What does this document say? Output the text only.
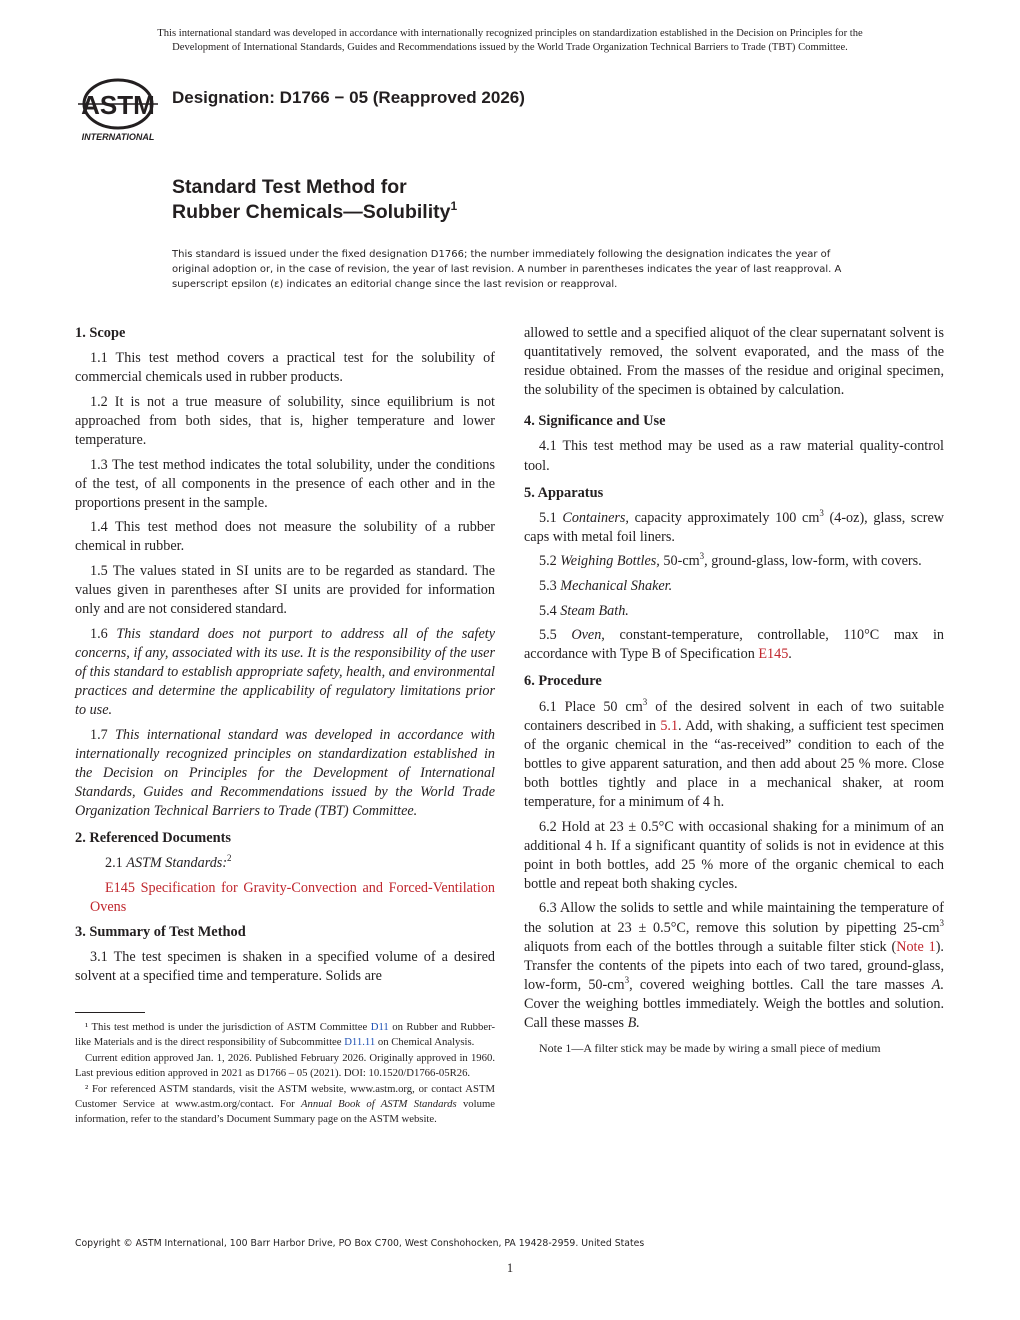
This international standard was developed in accordance with internationally recognized principles on standardization established in the Decision on Principles for the
Development of International Standards, Guides and Recommendations issued by the World Trade Organization Technical Barriers to Trade (TBT) Committee.
ASTM
INTERNATIONAL
Designation: D1766 − 05 (Reapproved 2026)
Standard Test Method for
Rubber Chemicals—Solubility$^1$
This standard is issued under the fixed designation D1766; the number immediately following the designation indicates the year of original adoption or, in the case of revision, the year of last revision. A number in parentheses indicates the year of last reapproval. A superscript epsilon (ε) indicates an editorial change since the last revision or reapproval.
1. Scope

1.1 This test method covers a practical test for the solubility of commercial chemicals used in rubber products.

1.2 It is not a true measure of solubility, since equilibrium is not approached from both sides, that is, higher temperature and lower temperature.

1.3 The test method indicates the total solubility, under the conditions of the test, of all components in the presence of each other and in the proportions present in the sample.

1.4 This test method does not measure the solubility of a rubber chemical in rubber.

1.5 The values stated in SI units are to be regarded as standard. The values given in parentheses after SI units are provided for information only and are not considered standard.

1.6 This standard does not purport to address all of the safety concerns, if any, associated with its use. It is the responsibility of the user of this standard to establish appropriate safety, health, and environmental practices and determine the applicability of regulatory limitations prior to use.

1.7 This international standard was developed in accordance with internationally recognized principles on standardization established in the Decision on Principles for the Development of International Standards, Guides and Recommendations issued by the World Trade Organization Technical Barriers to Trade (TBT) Committee.

2. Referenced Documents

2.1 ASTM Standards:$^2$

E145 Specification for Gravity-Convection and Forced-Ventilation Ovens

3. Summary of Test Method

3.1 The test specimen is shaken in a specified volume of a desired solvent at a specified time and temperature. Solids are

¹ This test method is under the jurisdiction of ASTM Committee D11 on Rubber and Rubber-like Materials and is the direct responsibility of Subcommittee D11.11 on Chemical Analysis.

Current edition approved Jan. 1, 2026. Published February 2026. Originally approved in 1960. Last previous edition approved in 2021 as D1766 – 05 (2021). DOI: 10.1520/D1766-05R26.

² For referenced ASTM standards, visit the ASTM website, www.astm.org, or contact ASTM Customer Service at www.astm.org/contact. For Annual Book of ASTM Standards volume information, refer to the standard’s Document Summary page on the ASTM website.

allowed to settle and a specified aliquot of the clear supernatant solvent is quantitatively removed, the solvent evaporated, and the mass of the residue obtained. From the masses of the residue and original specimen, the solubility of the specimen is obtained by calculation.

4. Significance and Use

4.1 This test method may be used as a raw material quality-control tool.

5. Apparatus

5.1 Containers, capacity approximately 100 $cm^3$ (4-oz), glass, screw caps with metal foil liners.

5.2 Weighing Bottles, $50-cm^3$, ground-glass, low-form, with covers.

5.3 Mechanical Shaker.

5.4 Steam Bath.

5.5 Oven, constant-temperature, controllable, 110°C max in accordance with Type B of Specification E145.

6. Procedure

6.1 Place 50 $cm^3$ of the desired solvent in each of two suitable containers described in 5.1. Add, with shaking, a sufficient test specimen of the organic chemical in the “as-received” condition to each of the bottles to give apparent saturation, and then add about 25 % more. Close both bottles tightly and place in a mechanical shaker, at room temperature, for a minimum of 4 h.

6.2 Hold at 23 ± 0.5°C with occasional shaking for a minimum of an additional 4 h. If a significant quantity of solids is not in evidence at this point in both bottles, add 25 % more of the organic chemical to each bottle and repeat both shaking cycles.

6.3 Allow the solids to settle and while maintaining the temperature of the solution at 23 ± 0.5°C, remove this solution by pipetting $25-cm^3$ aliquots from each of the bottles through a suitable filter stick (Note 1). Transfer the contents of the pipets into each of two tared, ground-glass, low-form, $50-cm^3$, covered weighing bottles. Call the tare masses A. Cover the weighing bottles immediately. Weigh the bottles and solution. Call these masses B.

Note 1—A filter stick may be made by wiring a small piece of medium

Copyright © ASTM International, 100 Barr Harbor Drive, PO Box C700, West Conshohocken, PA 19428-2959. United States
1
